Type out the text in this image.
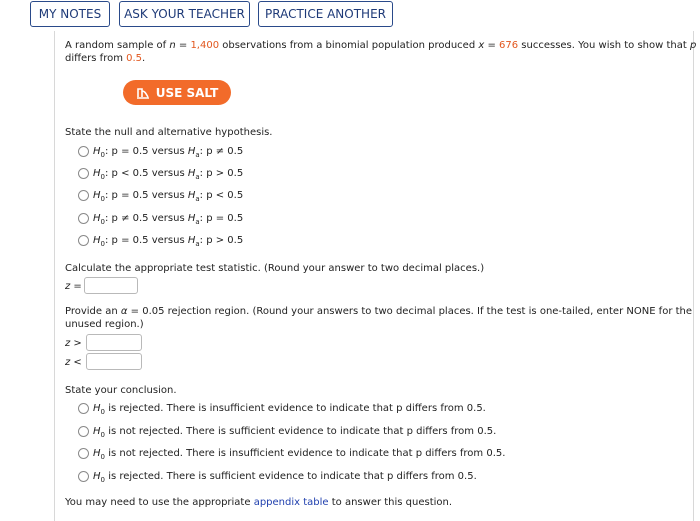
MY NOTES	ASK YOUR TEACHER	PRACTICE ANOTHER
A random sample of n = 1,400 observations from a binomial population produced x = 676 successes. You wish to show that p
differs from 0.5.
USE SALT
State the null and alternative hypothesis.
$H_0$: p = 0.5 versus $H_a$: p ≠ 0.5
$H_0$: p < 0.5 versus $H_a$: p > 0.5
$H_0$: p = 0.5 versus $H_a$: p < 0.5
$H_0$: p ≠ 0.5 versus $H_a$: p = 0.5
$H_0$: p = 0.5 versus $H_a$: p > 0.5
Calculate the appropriate test statistic. (Round your answer to two decimal places.)
z =
Provide an α = 0.05 rejection region. (Round your answers to two decimal places. If the test is one-tailed, enter NONE for the
unused region.)
z >
z <
State your conclusion.
$H_0$ is rejected. There is insufficient evidence to indicate that p differs from 0.5.
$H_0$ is not rejected. There is sufficient evidence to indicate that p differs from 0.5.
$H_0$ is not rejected. There is insufficient evidence to indicate that p differs from 0.5.
$H_0$ is rejected. There is sufficient evidence to indicate that p differs from 0.5.
You may need to use the appropriate appendix table to answer this question.
